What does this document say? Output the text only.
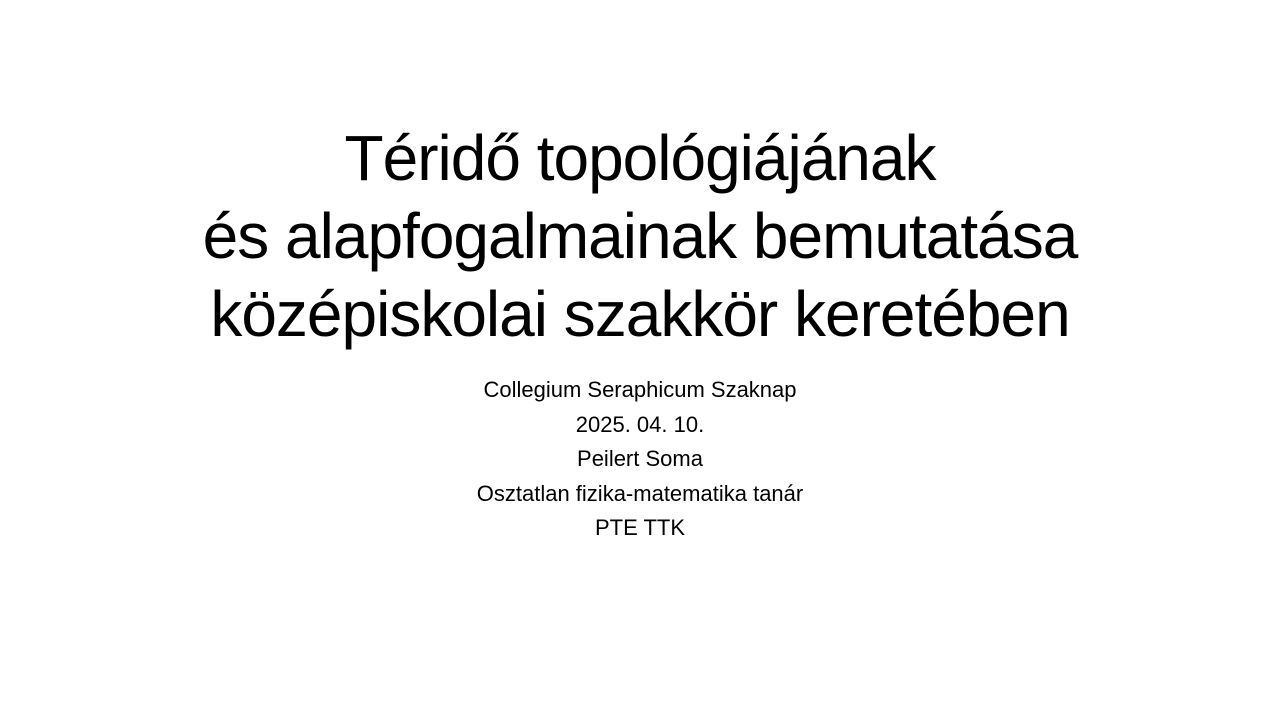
Téridő topológiájának
és alapfogalmainak bemutatása
középiskolai szakkör keretében
Collegium Seraphicum Szaknap
2025. 04. 10.
Peilert Soma
Osztatlan fizika-matematika tanár
PTE TTK
